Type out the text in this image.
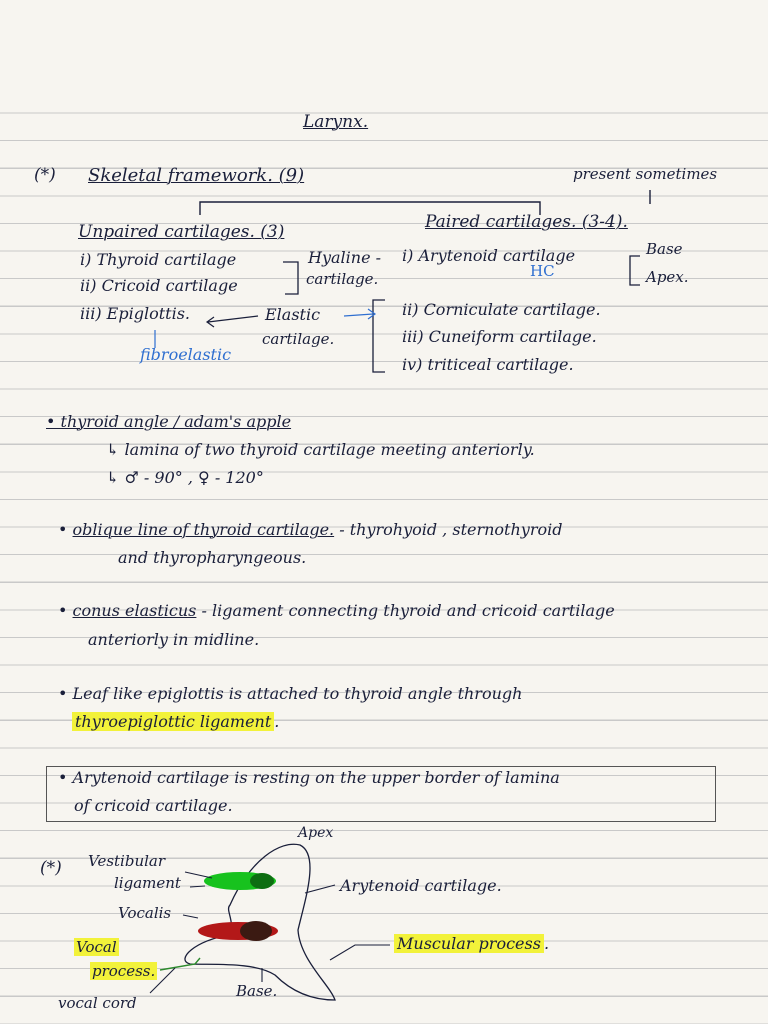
Larynx.
(*) Skeletal framework. (9)	present sometimes
Unpaired cartilages. (3)
i) Thyroid cartilage
ii) Cricoid cartilage
iii) Epiglottis.
Hyaline -
cartilage.
Elastic
cartilage.
fibroelastic
Paired cartilages. (3-4).
i) Arytenoid cartilage
HC
Base
Apex.
ii) Corniculate cartilage.
iii) Cuneiform cartilage.
iv) triticeal cartilage.
• thyroid angle / adam's apple
↳ lamina of two thyroid cartilage meeting anteriorly.
↳ ♂ - 90° , ♀ - 120°
• oblique line of thyroid cartilage. - thyrohyoid , sternothyroid
and thyropharyngeous.
• conus elasticus - ligament connecting thyroid and cricoid cartilage
anteriorly in midline.
• Leaf like epiglottis is attached to thyroid angle through
thyroepiglottic ligament .
• Arytenoid cartilage is resting on the upper border of lamina
of cricoid cartilage.
Apex
(*) Vestibular
ligament
Vocalis
Arytenoid cartilage.
Vocal
process.
Muscular process .
Base.
vocal cord
